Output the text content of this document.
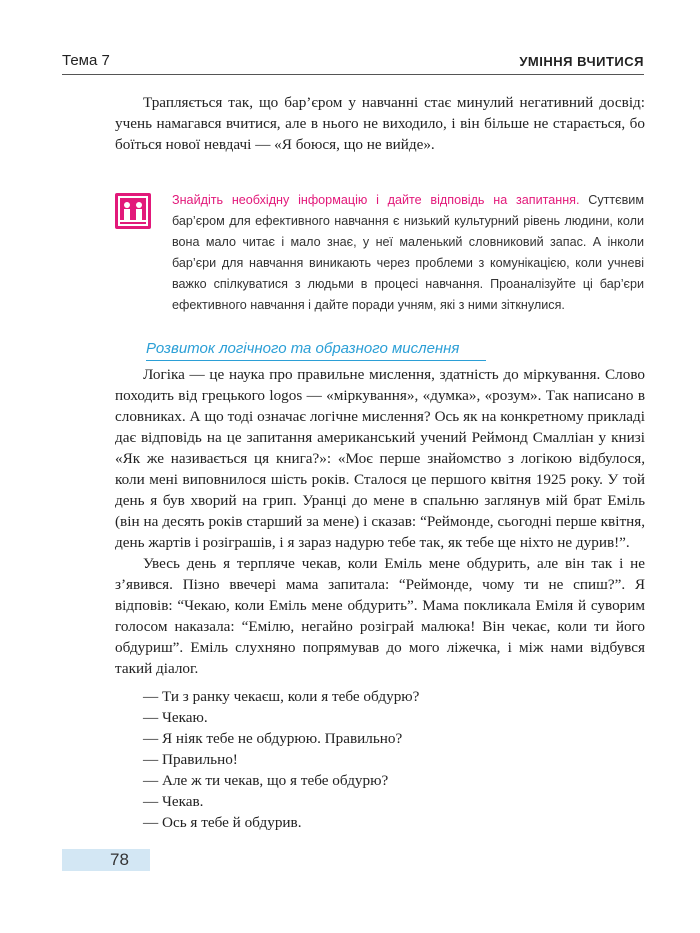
Тема 7	УМІННЯ ВЧИТИСЯ

Трапляється так, що бар’єром у навчанні стає минулий негативний досвід: учень намагався вчитися, але в нього не виходило, і він більше не старається, бо боїться нової невдачі — «Я боюся, що не вийде».

Знайдіть необхідну інформацію і дайте відповідь на запитання. Суттєвим бар’єром для ефективного навчання є низький культурний рівень людини, коли вона мало читає і мало знає, у неї маленький словниковий запас. А інколи бар’єри для навчання виникають через проблеми з комунікацією, коли учневі важко спілкуватися з людьми в процесі навчання. Проаналізуйте ці бар’єри ефективного навчання і дайте поради учням, які з ними зіткнулися.
Розвиток логічного та образного мислення

Логіка — це наука про правильне мислення, здатність до міркування. Слово походить від грецького logos — «міркування», «думка», «розум». Так написано в словниках. А що тоді означає логічне мислення? Ось як на конкретному прикладі дає відповідь на це запитання американський учений Реймонд Смалліан у книзі «Як же називається ця книга?»: «Моє перше знайомство з логікою відбулося, коли мені виповнилося шість років. Сталося це першого квітня 1925 року. У той день я був хворий на грип. Уранці до мене в спальню заглянув мій брат Еміль (він на десять років старший за мене) і сказав: “Реймонде, сьогодні перше квітня, день жартів і розіграшів, і я зараз надурю тебе так, як тебе ще ніхто не дурив!”.

Увесь день я терпляче чекав, коли Еміль мене обдурить, але він так і не з’явився. Пізно ввечері мама запитала: “Реймонде, чому ти не спиш?”. Я відповів: “Чекаю, коли Еміль мене обдурить”. Мама покликала Еміля й суворим голосом наказала: “Емілю, негайно розіграй малюка! Він чекає, коли ти його обдуриш”. Еміль слухняно попрямував до мого ліжечка, і між нами відбувся такий діалог.

— Ти з ранку чекаєш, коли я тебе обдурю?
— Чекаю.
— Я ніяк тебе не обдурюю. Правильно?
— Правильно!
— Але ж ти чекав, що я тебе обдурю?
— Чекав.
— Ось я тебе й обдурив.
78
